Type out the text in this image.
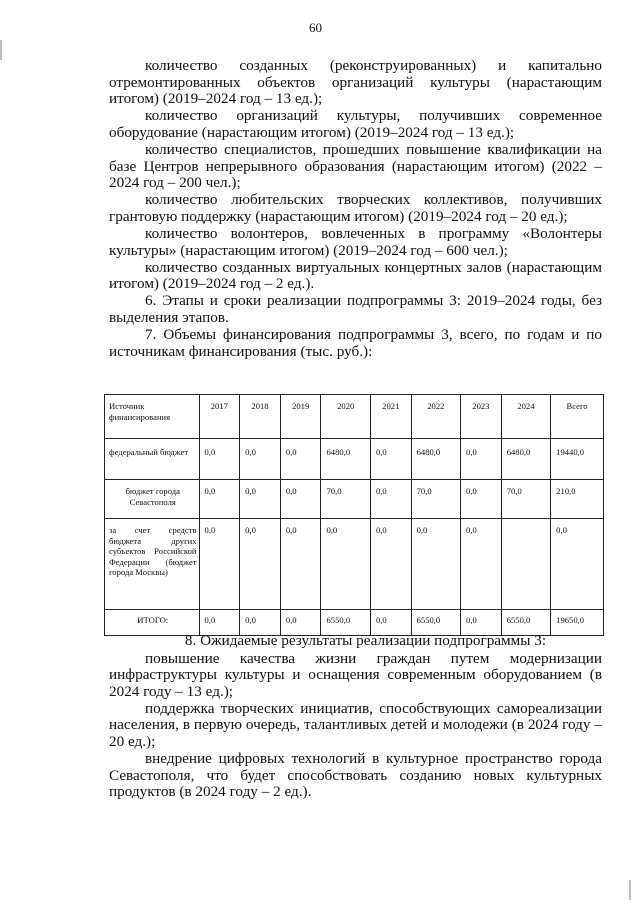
60

количество созданных (реконструированных) и капитально отремонтированных объектов организаций культуры (нарастающим итогом) (2019–2024 год – 13 ед.);

количество организаций культуры, получивших современное оборудование (нарастающим итогом) (2019–2024 год – 13 ед.);

количество специалистов, прошедших повышение квалификации на базе Центров непрерывного образования (нарастающим итогом) (2022 – 2024 год – 200 чел.);

количество любительских творческих коллективов, получивших грантовую поддержку (нарастающим итогом) (2019–2024 год – 20 ед.);

количество волонтеров, вовлеченных в программу «Волонтеры культуры» (нарастающим итогом) (2019–2024 год – 600 чел.);

количество созданных виртуальных концертных залов (нарастающим итогом) (2019–2024 год – 2 ед.).

6. Этапы и сроки реализации подпрограммы 3: 2019–2024 годы, без выделения этапов.

7. Объемы финансирования подпрограммы 3, всего, по годам и по источникам финансирования (тыс. руб.):

Источник финансирования	2017	2018	2019	2020	2021	2022	2023	2024	Всего
федеральный бюджет	0,0	0,0	0,0	6480,0	0,0	6480,0	0,0	6480,0	19440,0
бюджет города Севастополя	0,0	0,0	0,0	70,0	0,0	70,0	0,0	70,0	210,0
за счет средств бюджета других субъектов Российской Федерации (бюджет города Москвы)	0,0	0,0	0,0	0,0	0,0	0,0	0,0		0,0
ИТОГО:	0,0	0,0	0,0	6550,0	0,0	6550,0	0,0	6550,0	19650,0

8. Ожидаемые результаты реализации подпрограммы 3:

повышение качества жизни граждан путем модернизации инфраструктуры культуры и оснащения современным оборудованием (в 2024 году – 13 ед.);

поддержка творческих инициатив, способствующих самореализации населения, в первую очередь, талантливых детей и молодежи (в 2024 году – 20 ед.);

внедрение цифровых технологий в культурное пространство города Севастополя, что будет способствовать созданию новых культурных продуктов (в 2024 году – 2 ед.).
